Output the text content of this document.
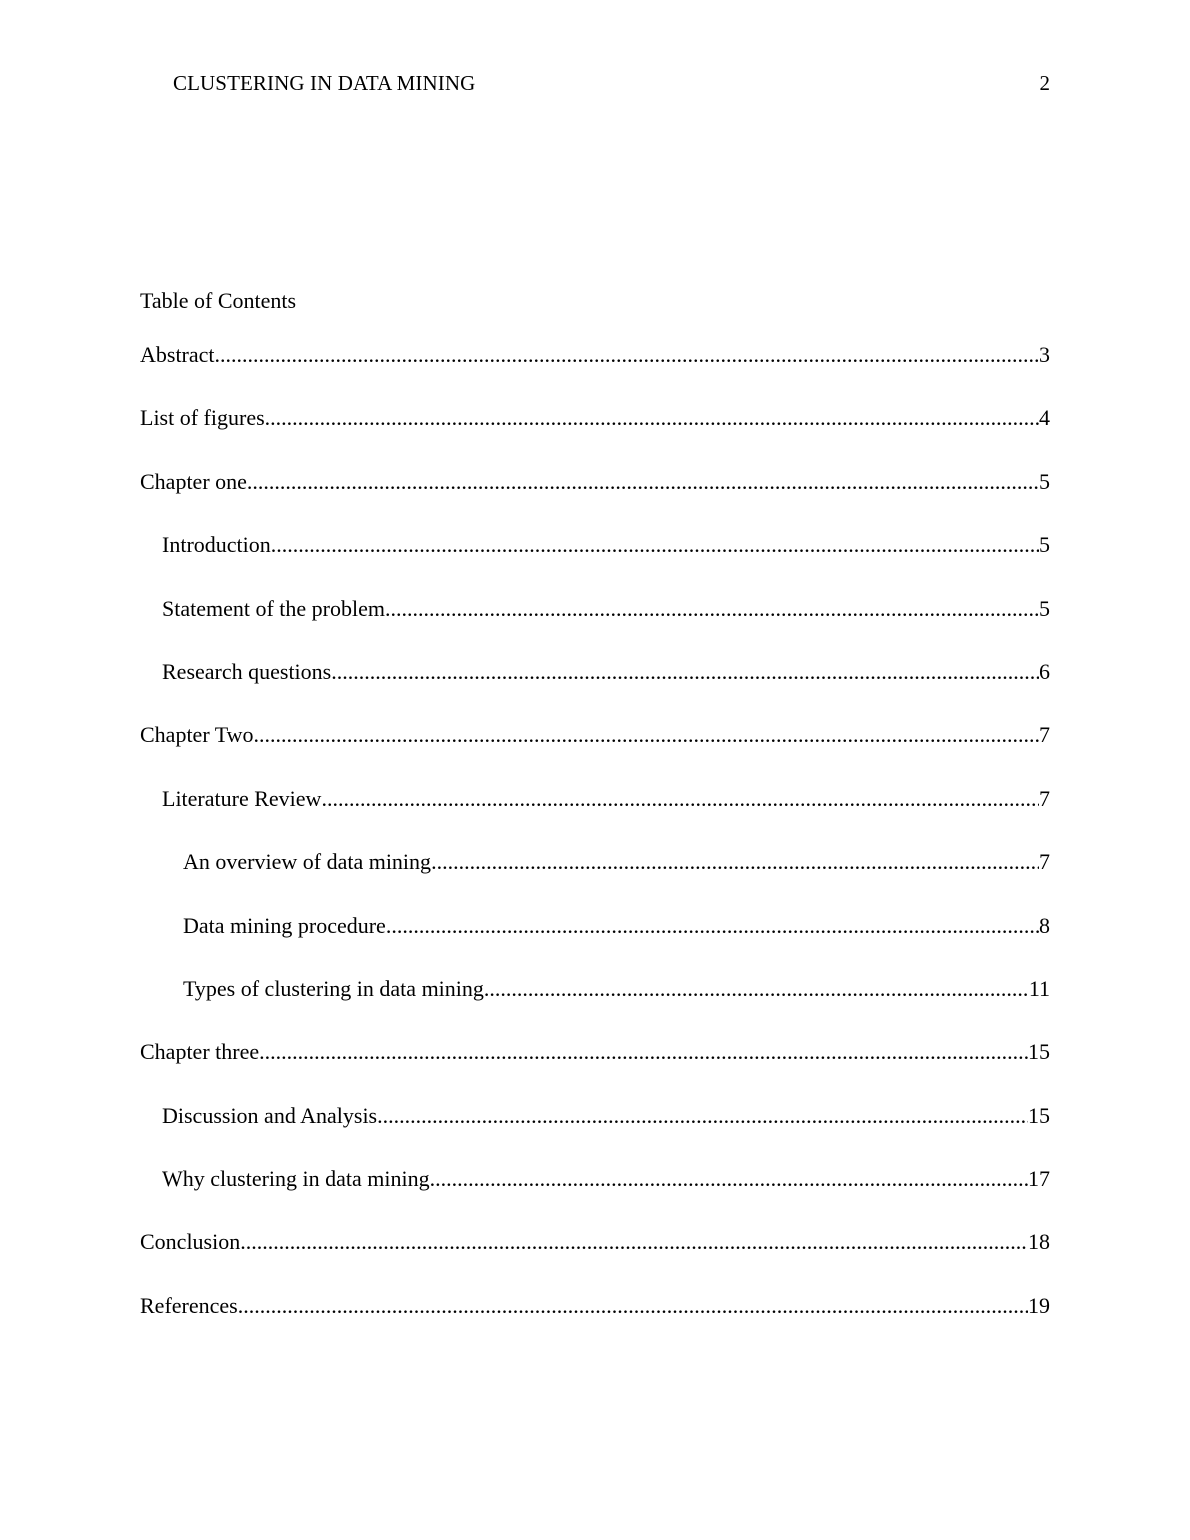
CLUSTERING IN DATA MINING	2
Table of Contents
Abstract .....	3
List of figures .....	4
Chapter one .....	5
Introduction .....	5
Statement of the problem .....	5
Research questions .....	6
Chapter Two .....	7
Literature Review .....	7
An overview of data mining .....	7
Data mining procedure .....	8
Types of clustering in data mining .....	11
Chapter three .....	15
Discussion and Analysis .....	15
Why clustering in data mining .....	17
Conclusion .....	18
References .....	19
